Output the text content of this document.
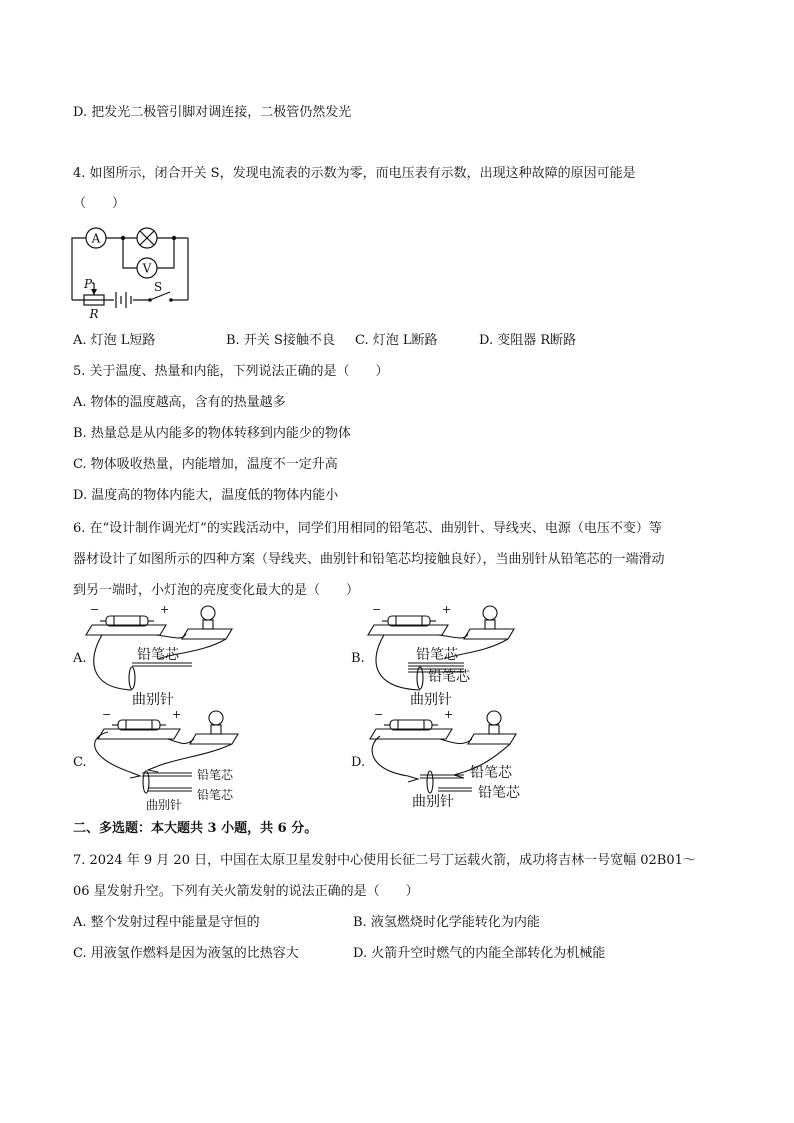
D. 把发光二极管引脚对调连接，二极管仍然发光
4. 如图所示，闭合开关 S，发现电流表的示数为零，而电压表有示数，出现这种故障的原因可能是
（　　）
A
V
P
R
S
A. 灯泡 L短路	B. 开关 S接触不良 C. 灯泡 L断路	D. 变阻器 R断路
5. 关于温度、热量和内能，下列说法正确的是（　　）
A. 物体的温度越高，含有的热量越多
B. 热量总是从内能多的物体转移到内能少的物体
C. 物体吸收热量，内能增加，温度不一定升高
D. 温度高的物体内能大，温度低的物体内能小
6. 在“设计制作调光灯”的实践活动中，同学们用相同的铅笔芯、曲别针、导线夹、电源（电压不变）等
器材设计了如图所示的四种方案（导线夹、曲别针和铅笔芯均接触良好），当曲别针从铅笔芯的一端滑动
到另一端时，小灯泡的亮度变化最大的是（　　）
A.
−	+
铅笔芯
曲别针
B.
−	+
铅笔芯
铅笔芯
曲别针
C.
−	+
铅笔芯
曲别针
铅笔芯
D.
−	+
铅笔芯
曲别针
铅笔芯
二、多选题：本大题共 3 小题，共 6 分。
7. 2024 年 9 月 20 日，中国在太原卫星发射中心使用长征二号丁运载火箭，成功将吉林一号宽幅 02B01～
06 星发射升空。下列有关火箭发射的说法正确的是（　　）
A. 整个发射过程中能量是守恒的	B. 液氢燃烧时化学能转化为内能
C. 用液氢作燃料是因为液氢的比热容大	D. 火箭升空时燃气的内能全部转化为机械能
